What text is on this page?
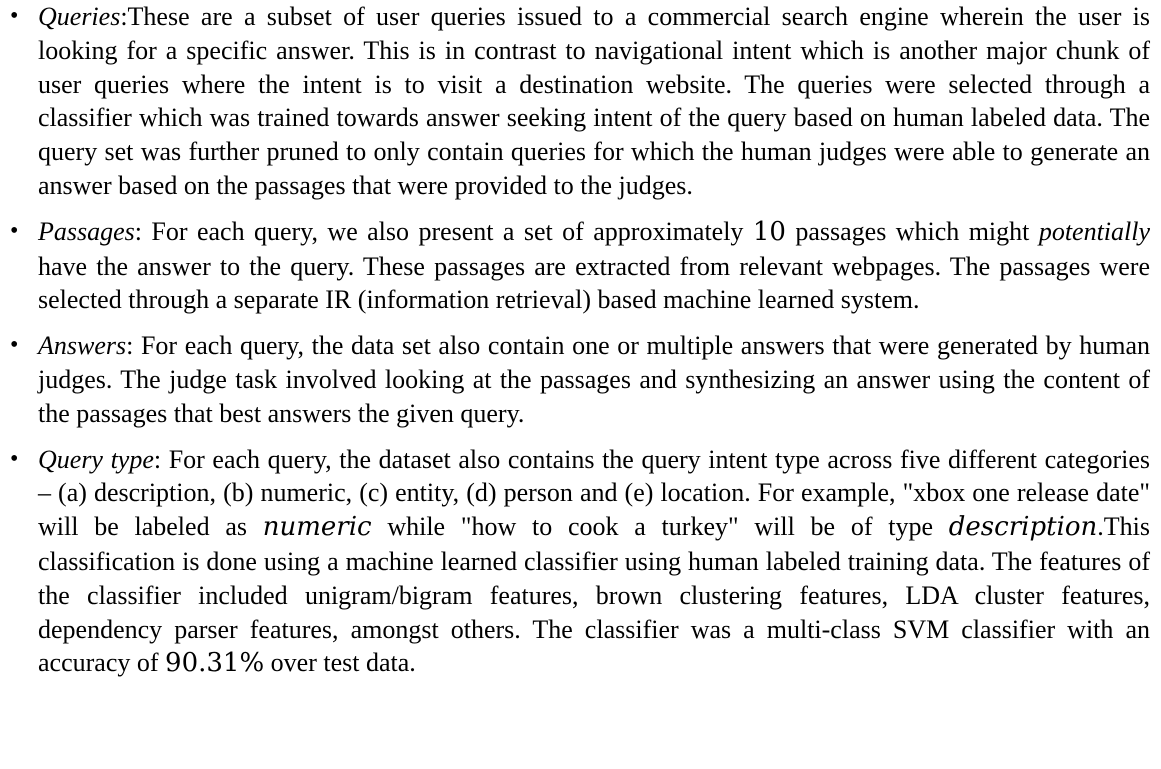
• Queries:These are a subset of user queries issued to a commercial search engine wherein the user is looking for a specific answer. This is in contrast to navigational intent which is another major chunk of user queries where the intent is to visit a destination website. The queries were selected through a classifier which was trained towards answer seeking intent of the query based on human labeled data. The query set was further pruned to only contain queries for which the human judges were able to generate an answer based on the passages that were provided to the judges.
• Passages: For each query, we also present a set of approximately 10 passages which might potentially have the answer to the query. These passages are extracted from relevant webpages. The passages were selected through a separate IR (information retrieval) based machine learned system.
• Answers: For each query, the data set also contain one or multiple answers that were generated by human judges. The judge task involved looking at the passages and synthesizing an answer using the content of the passages that best answers the given query.
• Query type: For each query, the dataset also contains the query intent type across five different categories – (a) description, (b) numeric, (c) entity, (d) person and (e) location. For example, "xbox one release date" will be labeled as numeric while "how to cook a turkey" will be of type description.This classification is done using a machine learned classifier using human labeled training data. The features of the classifier included unigram/bigram features, brown clustering features, LDA cluster features, dependency parser features, amongst others. The classifier was a multi-class SVM classifier with an accuracy of 90.31% over test data.
